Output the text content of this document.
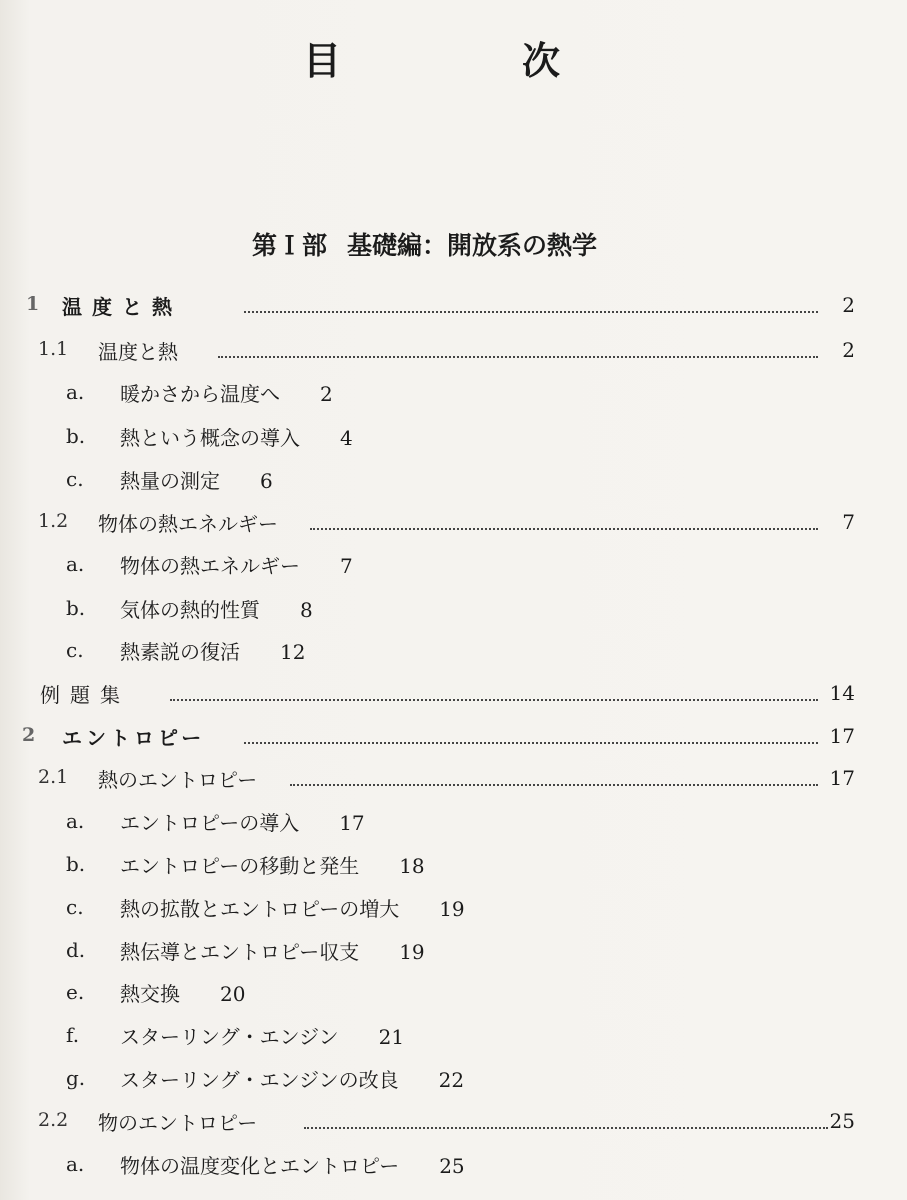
目	次
第Ｉ部 基礎編：開放系の熱学
1 温度と熱	2
1.1 温度と熱	2
a. 暖かさから温度へ 2
b. 熱という概念の導入 4
c. 熱量の測定 6
1.2 物体の熱エネルギー	7
a. 物体の熱エネルギー 7
b. 気体の熱的性質 8
c. 熱素説の復活 12
例題集	14
2 エントロピー	17
2.1 熱のエントロピー	17
a. エントロピーの導入 17
b. エントロピーの移動と発生 18
c. 熱の拡散とエントロピーの増大 19
d. 熱伝導とエントロピー収支 19
e. 熱交換 20
f. スターリング・エンジン 21
g. スターリング・エンジンの改良 22
2.2 物のエントロピー	25
a. 物体の温度変化とエントロピー 25
